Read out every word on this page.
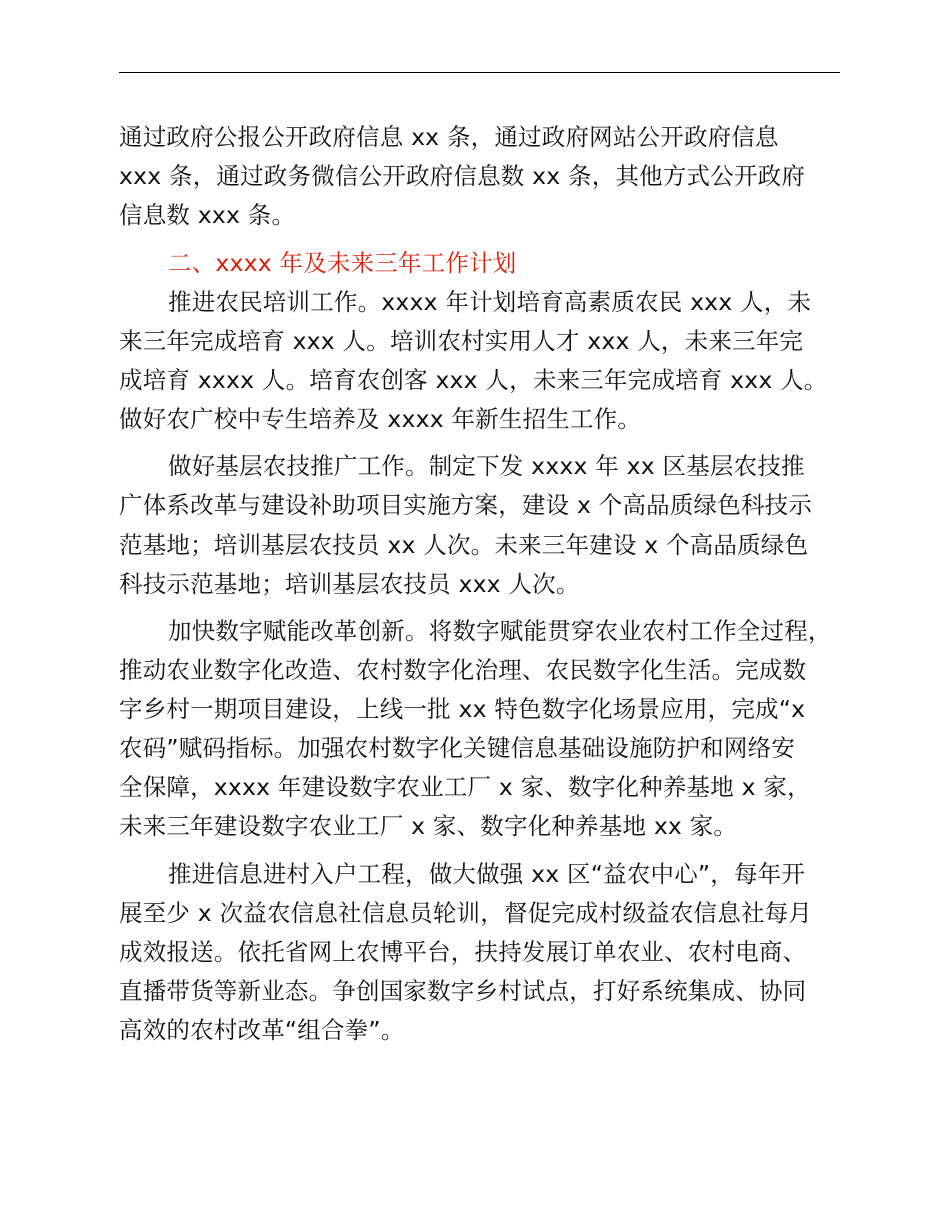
通过政府公报公开政府信息 xx 条，通过政府网站公开政府信息
xxx 条，通过政务微信公开政府信息数 xx 条，其他方式公开政府
信息数 xxx 条。
二、xxxx 年及未来三年工作计划
推进农民培训工作。xxxx 年计划培育高素质农民 xxx 人，未
来三年完成培育 xxx 人。培训农村实用人才 xxx 人，未来三年完
成培育 xxxx 人。培育农创客 xxx 人，未来三年完成培育 xxx 人。
做好农广校中专生培养及 xxxx 年新生招生工作。
做好基层农技推广工作。制定下发 xxxx 年 xx 区基层农技推
广体系改革与建设补助项目实施方案，建设 x 个高品质绿色科技示
范基地；培训基层农技员 xx 人次。未来三年建设 x 个高品质绿色
科技示范基地；培训基层农技员 xxx 人次。
加快数字赋能改革创新。将数字赋能贯穿农业农村工作全过程，
推动农业数字化改造、农村数字化治理、农民数字化生活。完成数
字乡村一期项目建设，上线一批 xx 特色数字化场景应用，完成“x
农码”赋码指标。加强农村数字化关键信息基础设施防护和网络安
全保障，xxxx 年建设数字农业工厂 x 家、数字化种养基地 x 家，
未来三年建设数字农业工厂 x 家、数字化种养基地 xx 家。
推进信息进村入户工程，做大做强 xx 区“益农中心”，每年开
展至少 x 次益农信息社信息员轮训，督促完成村级益农信息社每月
成效报送。依托省网上农博平台，扶持发展订单农业、农村电商、
直播带货等新业态。争创国家数字乡村试点，打好系统集成、协同
高效的农村改革“组合拳”。
